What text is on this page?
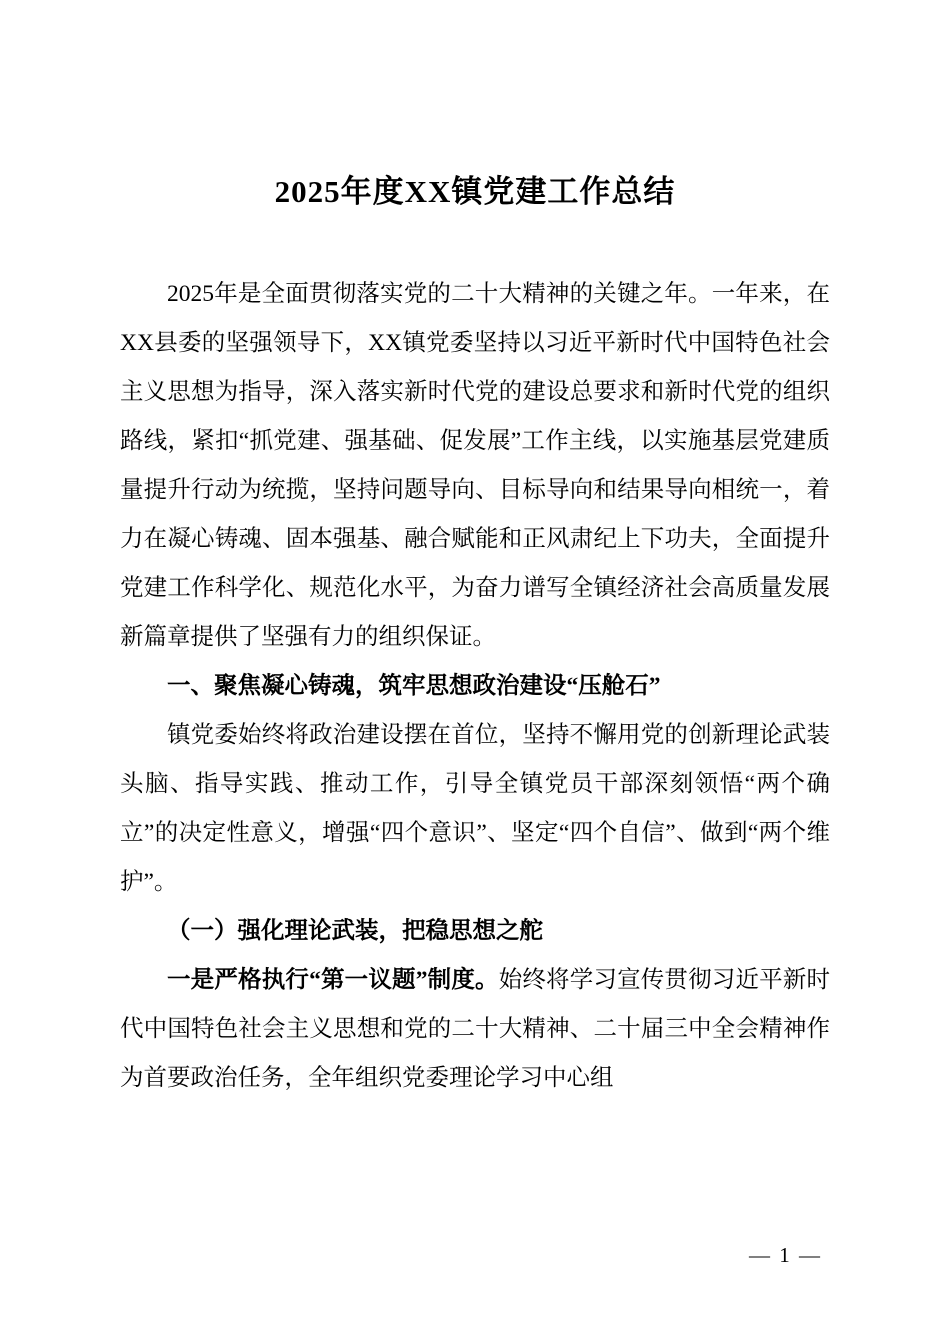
2025年度XX镇党建工作总结

2025年是全面贯彻落实党的二十大精神的关键之年。一年来，在XX县委的坚强领导下，XX镇党委坚持以习近平新时代中国特色社会主义思想为指导，深入落实新时代党的建设总要求和新时代党的组织路线，紧扣“抓党建、强基础、促发展”工作主线，以实施基层党建质量提升行动为统揽，坚持问题导向、目标导向和结果导向相统一，着力在凝心铸魂、固本强基、融合赋能和正风肃纪上下功夫，全面提升党建工作科学化、规范化水平，为奋力谱写全镇经济社会高质量发展新篇章提供了坚强有力的组织保证。

一、聚焦凝心铸魂，筑牢思想政治建设“压舱石”

镇党委始终将政治建设摆在首位，坚持不懈用党的创新理论武装头脑、指导实践、推动工作，引导全镇党员干部深刻领悟“两个确立”的决定性意义，增强“四个意识”、坚定“四个自信”、做到“两个维护”。

（一）强化理论武装，把稳思想之舵

一是严格执行“第一议题”制度。始终将学习宣传贯彻习近平新时代中国特色社会主义思想和党的二十大精神、二十届三中全会精神作为首要政治任务，全年组织党委理论学习中心组

— 1 —
